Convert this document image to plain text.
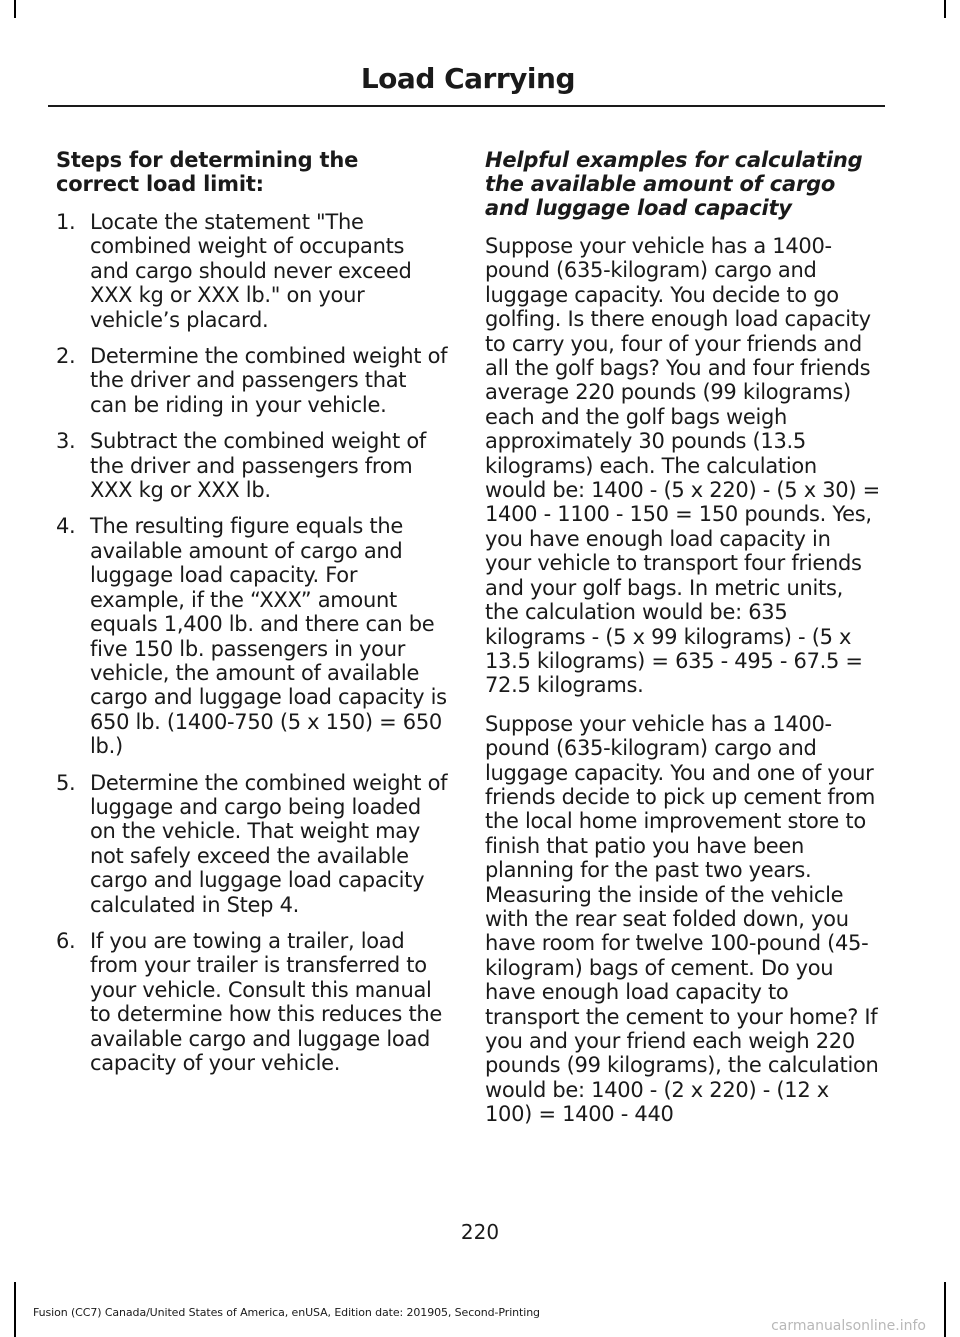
Load Carrying
Steps for determining the correct load limit:
1. Locate the statement "The combined weight of occupants and cargo should never exceed XXX kg or XXX lb." on your vehicle’s placard.
2. Determine the combined weight of the driver and passengers that can be riding in your vehicle.
3. Subtract the combined weight of the driver and passengers from XXX kg or XXX lb.
4. The resulting figure equals the available amount of cargo and luggage load capacity. For example, if the “XXX” amount equals 1,400 lb. and there can be five 150 lb. passengers in your vehicle, the amount of available cargo and luggage load capacity is 650 lb. (1400-750 (5 x 150) = 650 lb.)
5. Determine the combined weight of luggage and cargo being loaded on the vehicle. That weight may not safely exceed the available cargo and luggage load capacity calculated in Step 4.
6. If you are towing a trailer, load from your trailer is transferred to your vehicle. Consult this manual to determine how this reduces the available cargo and luggage load capacity of your vehicle.
Helpful examples for calculating the available amount of cargo and luggage load capacity

Suppose your vehicle has a 1400-pound (635-kilogram) cargo and luggage capacity. You decide to go golfing. Is there enough load capacity to carry you, four of your friends and all the golf bags? You and four friends average 220 pounds (99 kilograms) each and the golf bags weigh approximately 30 pounds (13.5 kilograms) each. The calculation would be: 1400 - (5 x 220) - (5 x 30) = 1400 - 1100 - 150 = 150 pounds. Yes, you have enough load capacity in your vehicle to transport four friends and your golf bags. In metric units, the calculation would be: 635 kilograms - (5 x 99 kilograms) - (5 x 13.5 kilograms) = 635 - 495 - 67.5 = 72.5 kilograms.

Suppose your vehicle has a 1400-pound (635-kilogram) cargo and luggage capacity. You and one of your friends decide to pick up cement from the local home improvement store to finish that patio you have been planning for the past two years. Measuring the inside of the vehicle with the rear seat folded down, you have room for twelve 100-pound (45-kilogram) bags of cement. Do you have enough load capacity to transport the cement to your home? If you and your friend each weigh 220 pounds (99 kilograms), the calculation would be: 1400 - (2 x 220) - (12 x 100) = 1400 - 440

220
Fusion (CC7) Canada/United States of America, enUSA, Edition date: 201905, Second-Printing
carmanualsonline.info
